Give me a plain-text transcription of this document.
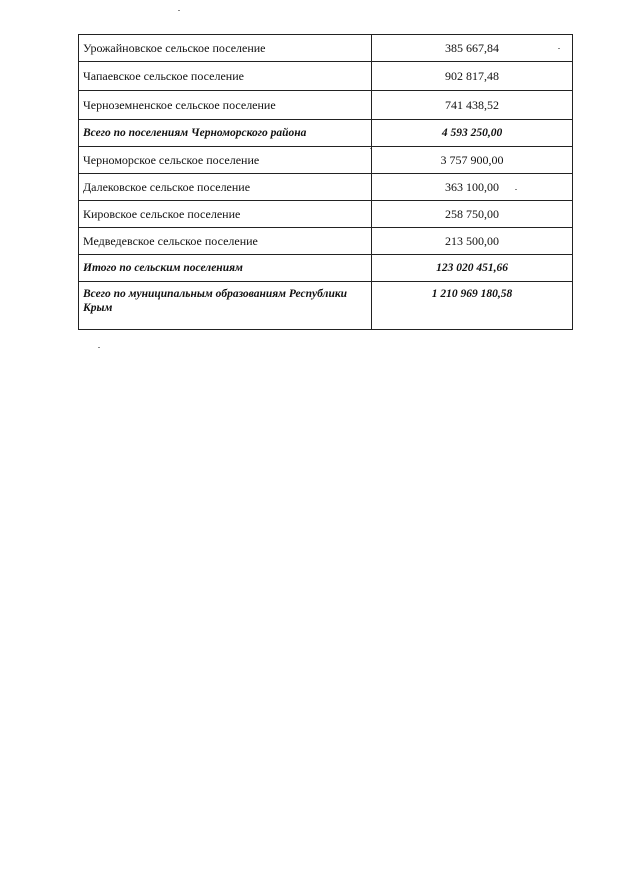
Урожайновское сельское поселение	385 667,84
Чапаевское сельское поселение	902 817,48
Черноземненское сельское поселение	741 438,52
Всего по поселениям Черноморского района	4 593 250,00
Черноморское сельское поселение	3 757 900,00
Далековское сельское поселение	363 100,00
Кировское сельское поселение	258 750,00
Медведевское сельское поселение	213 500,00
Итого по сельским поселениям	123 020 451,66
Всего по муниципальным образованиям Республики Крым	1 210 969 180,58
